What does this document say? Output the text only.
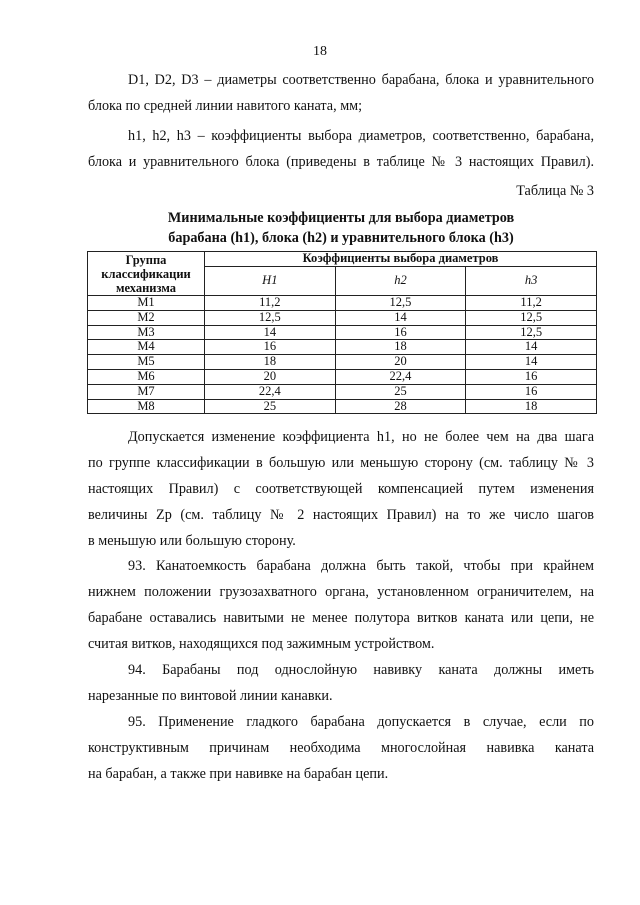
18
D1, D2, D3 – диаметры соответственно барабана, блока и уравнительного
блока по средней линии навитого каната, мм;
h1, h2, h3 – коэффициенты выбора диаметров, соответственно, барабана,
блока и уравнительного блока (приведены в таблице № 3 настоящих Правил).
Таблица № 3
Минимальные коэффициенты для выбора диаметров
барабана (h1), блока (h2) и уравнительного блока (h3)
Группа классификации механизма	Коэффициенты выбора диаметров		
	H1	h2	h3
M1	11,2	12,5	11,2
M2	12,5	14	12,5
M3	14	16	12,5
M4	16	18	14
M5	18	20	14
M6	20	22,4	16
M7	22,4	25	16
M8	25	28	18
Допускается изменение коэффициента h1, но не более чем на два шага
по группе классификации в большую или меньшую сторону (см. таблицу № 3
настоящих Правил) с соответствующей компенсацией путем изменения
величины Zp (см. таблицу № 2 настоящих Правил) на то же число шагов
в меньшую или большую сторону.
93. Канатоемкость барабана должна быть такой, чтобы при крайнем
нижнем положении грузозахватного органа, установленном ограничителем, на
барабане оставались навитыми не менее полутора витков каната или цепи, не
считая витков, находящихся под зажимным устройством.
94. Барабаны под однослойную навивку каната должны иметь
нарезанные по винтовой линии канавки.
95. Применение гладкого барабана допускается в случае, если по
конструктивным причинам необходима многослойная навивка каната
на барабан, а также при навивке на барабан цепи.
